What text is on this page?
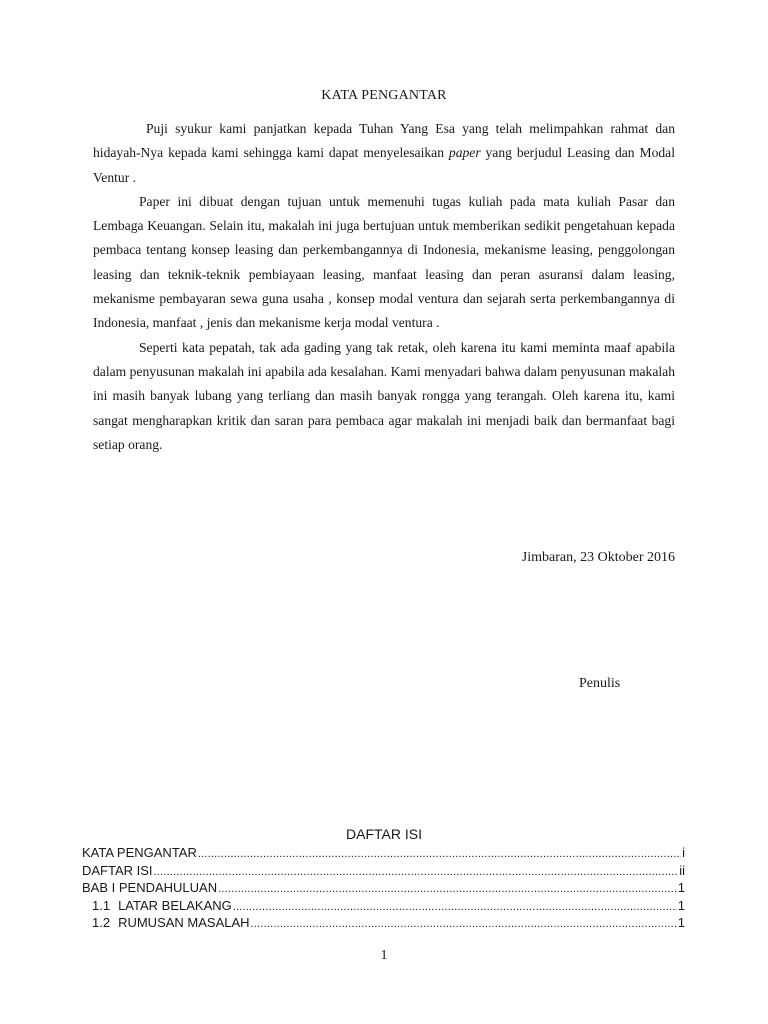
KATA PENGANTAR

Puji syukur kami panjatkan kepada Tuhan Yang Esa yang telah melimpahkan rahmat dan hidayah-Nya kepada kami sehingga kami dapat menyelesaikan paper yang berjudul Leasing dan Modal Ventur .

Paper ini dibuat dengan tujuan untuk memenuhi tugas kuliah pada mata kuliah Pasar dan Lembaga Keuangan. Selain itu, makalah ini juga bertujuan untuk memberikan sedikit pengetahuan kepada pembaca tentang konsep leasing dan perkembangannya di Indonesia, mekanisme leasing, penggolongan leasing dan teknik-teknik pembiayaan leasing, manfaat leasing dan peran asuransi dalam leasing, mekanisme pembayaran sewa guna usaha , konsep modal ventura dan sejarah serta perkembangannya di Indonesia, manfaat , jenis dan mekanisme kerja modal ventura .

Seperti kata pepatah, tak ada gading yang tak retak, oleh karena itu kami meminta maaf apabila dalam penyusunan makalah ini apabila ada kesalahan. Kami menyadari bahwa dalam penyusunan makalah ini masih banyak lubang yang terliang dan masih banyak rongga yang terangah. Oleh karena itu, kami sangat mengharapkan kritik dan saran para pembaca agar makalah ini menjadi baik dan bermanfaat bagi setiap orang.

Jimbaran, 23 Oktober 2016
Penulis
DAFTAR ISI
KATA PENGANTAR .....	i
DAFTAR ISI .....	ii
BAB I PENDAHULUAN .....	1
1.1 LATAR BELAKANG .....	1
1.2 RUMUSAN MASALAH .....	1
1
